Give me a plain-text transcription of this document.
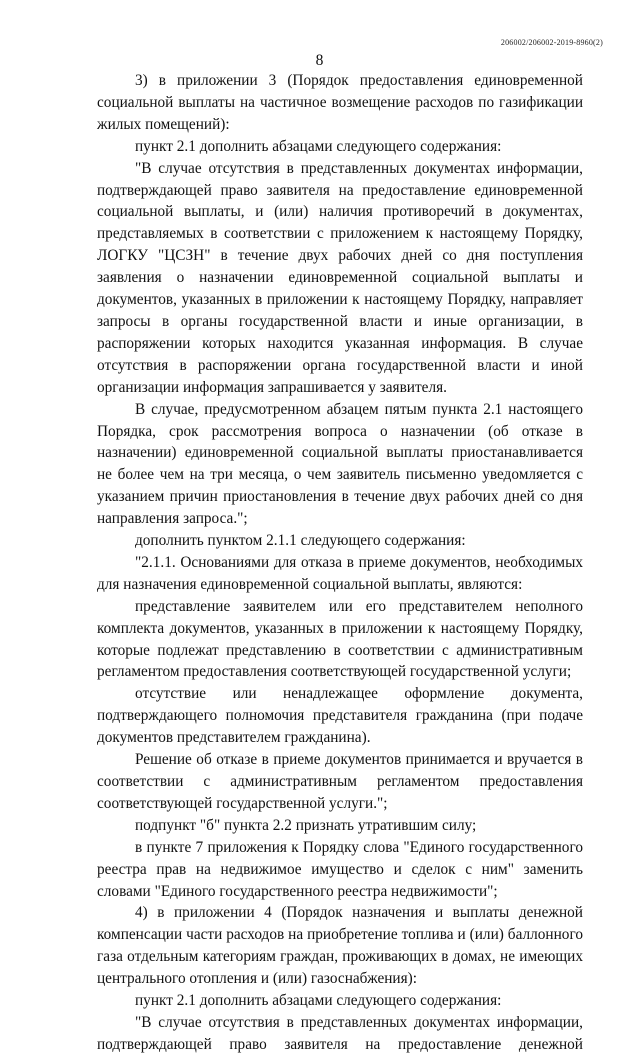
206002/206002-2019-8960(2)
8

3) в приложении 3 (Порядок предоставления единовременной социальной выплаты на частичное возмещение расходов по газификации жилых помещений):

пункт 2.1 дополнить абзацами следующего содержания:

"В случае отсутствия в представленных документах информации, подтверждающей право заявителя на предоставление единовременной социальной выплаты, и (или) наличия противоречий в документах, представляемых в соответствии с приложением к настоящему Порядку, ЛОГКУ "ЦСЗН" в течение двух рабочих дней со дня поступления заявления о назначении единовременной социальной выплаты и документов, указанных в приложении к настоящему Порядку, направляет запросы в органы государственной власти и иные организации, в распоряжении которых находится указанная информация. В случае отсутствия в распоряжении органа государственной власти и иной организации информация запрашивается у заявителя.

В случае, предусмотренном абзацем пятым пункта 2.1 настоящего Порядка, срок рассмотрения вопроса о назначении (об отказе в назначении) единовременной социальной выплаты приостанавливается не более чем на три месяца, о чем заявитель письменно уведомляется с указанием причин приостановления в течение двух рабочих дней со дня направления запроса.";

дополнить пунктом 2.1.1 следующего содержания:

"2.1.1. Основаниями для отказа в приеме документов, необходимых для назначения единовременной социальной выплаты, являются:

представление заявителем или его представителем неполного комплекта документов, указанных в приложении к настоящему Порядку, которые подлежат представлению в соответствии с административным регламентом предоставления соответствующей государственной услуги;

отсутствие или ненадлежащее оформление документа, подтверждающего полномочия представителя гражданина (при подаче документов представителем гражданина).

Решение об отказе в приеме документов принимается и вручается в соответствии с административным регламентом предоставления соответствующей государственной услуги.";

подпункт "б" пункта 2.2 признать утратившим силу;

в пункте 7 приложения к Порядку слова "Единого государственного реестра прав на недвижимое имущество и сделок с ним" заменить словами "Единого государственного реестра недвижимости";

4) в приложении 4 (Порядок назначения и выплаты денежной компенсации части расходов на приобретение топлива и (или) баллонного газа отдельным категориям граждан, проживающих в домах, не имеющих центрального отопления и (или) газоснабжения):

пункт 2.1 дополнить абзацами следующего содержания:

"В случае отсутствия в представленных документах информации, подтверждающей право заявителя на предоставление денежной
